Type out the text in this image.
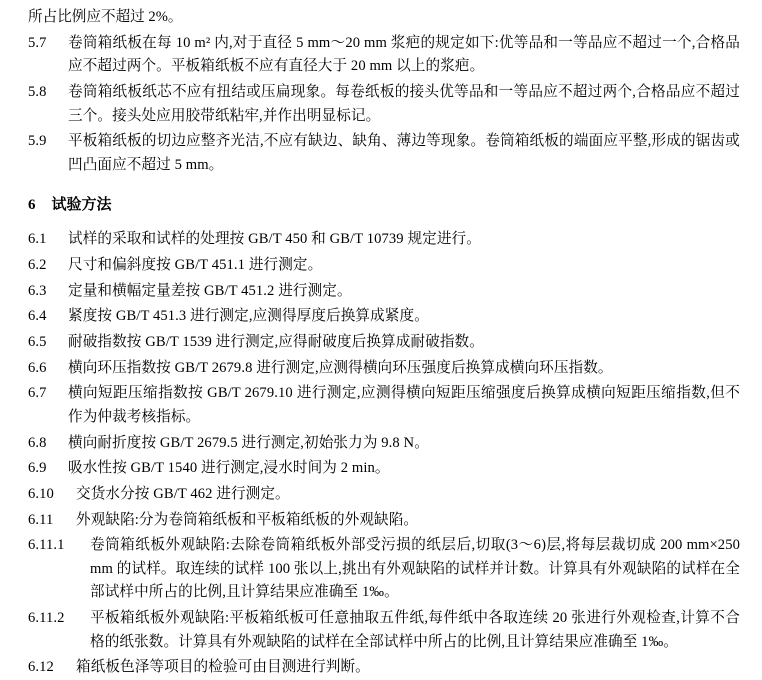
所占比例应不超过 2%。
5.7	卷筒箱纸板在每 10 m² 内,对于直径 5 mm～20 mm 浆疤的规定如下:优等品和一等品应不超过一个,合格品应不超过两个。平板箱纸板不应有直径大于 20 mm 以上的浆疤。
5.8	卷筒箱纸板纸芯不应有扭结或压扁现象。每卷纸板的接头优等品和一等品应不超过两个,合格品应不超过三个。接头处应用胶带纸粘牢,并作出明显标记。
5.9	平板箱纸板的切边应整齐光洁,不应有缺边、缺角、薄边等现象。卷筒箱纸板的端面应平整,形成的锯齿或凹凸面应不超过 5 mm。
6 试验方法
6.1	试样的采取和试样的处理按 GB/T 450 和 GB/T 10739 规定进行。
6.2	尺寸和偏斜度按 GB/T 451.1 进行测定。
6.3	定量和横幅定量差按 GB/T 451.2 进行测定。
6.4	紧度按 GB/T 451.3 进行测定,应测得厚度后换算成紧度。
6.5	耐破指数按 GB/T 1539 进行测定,应得耐破度后换算成耐破指数。
6.6	横向环压指数按 GB/T 2679.8 进行测定,应测得横向环压强度后换算成横向环压指数。
6.7	横向短距压缩指数按 GB/T 2679.10 进行测定,应测得横向短距压缩强度后换算成横向短距压缩指数,但不作为仲裁考核指标。
6.8	横向耐折度按 GB/T 2679.5 进行测定,初始张力为 9.8 N。
6.9	吸水性按 GB/T 1540 进行测定,浸水时间为 2 min。
6.10	交货水分按 GB/T 462 进行测定。
6.11	外观缺陷:分为卷筒箱纸板和平板箱纸板的外观缺陷。
6.11.1	卷筒箱纸板外观缺陷:去除卷筒箱纸板外部受污损的纸层后,切取(3～6)层,将每层裁切成 200 mm×250 mm 的试样。取连续的试样 100 张以上,挑出有外观缺陷的试样并计数。计算具有外观缺陷的试样在全部试样中所占的比例,且计算结果应准确至 1‰。
6.11.2	平板箱纸板外观缺陷:平板箱纸板可任意抽取五件纸,每件纸中各取连续 20 张进行外观检查,计算不合格的纸张数。计算具有外观缺陷的试样在全部试样中所占的比例,且计算结果应准确至 1‰。
6.12	箱纸板色泽等项目的检验可由目测进行判断。
